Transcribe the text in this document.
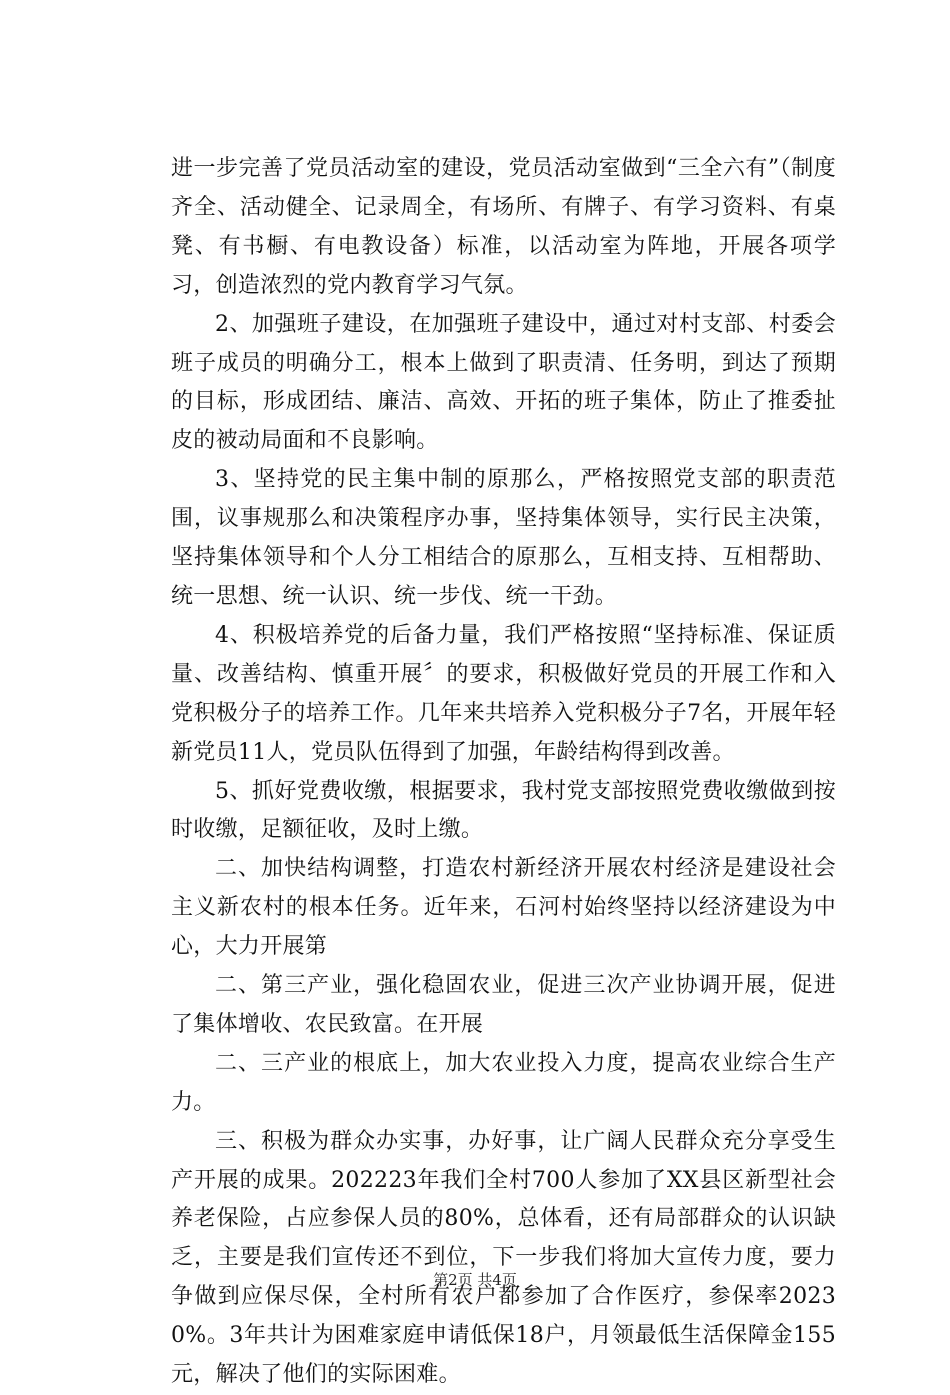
进一步完善了党员活动室的建设，党员活动室做到“三全六有”（制度齐全、活动健全、记录周全，有场所、有牌子、有学习资料、有桌凳、有书橱、有电教设备）标准，以活动室为阵地，开展各项学习，创造浓烈的党内教育学习气氛。

2、加强班子建设，在加强班子建设中，通过对村支部、村委会班子成员的明确分工，根本上做到了职责清、任务明，到达了预期的目标，形成团结、廉洁、高效、开拓的班子集体，防止了推委扯皮的被动局面和不良影响。

3、坚持党的民主集中制的原那么，严格按照党支部的职责范围，议事规那么和决策程序办事，坚持集体领导，实行民主决策，坚持集体领导和个人分工相结合的原那么，互相支持、互相帮助、统一思想、统一认识、统一步伐、统一干劲。

4、积极培养党的后备力量，我们严格按照“坚持标准、保证质量、改善结构、慎重开展〞的要求，积极做好党员的开展工作和入党积极分子的培养工作。几年来共培养入党积极分子7名，开展年轻新党员11人，党员队伍得到了加强，年龄结构得到改善。

5、抓好党费收缴，根据要求，我村党支部按照党费收缴做到按时收缴，足额征收，及时上缴。

二、加快结构调整，打造农村新经济开展农村经济是建设社会主义新农村的根本任务。近年来，石河村始终坚持以经济建设为中心，大力开展第

二、第三产业，强化稳固农业，促进三次产业协调开展，促进了集体增收、农民致富。在开展

二、三产业的根底上，加大农业投入力度，提高农业综合生产力。

三、积极为群众办实事，办好事，让广阔人民群众充分享受生产开展的成果。202223年我们全村700人参加了XX县区新型社会养老保险，占应参保人员的80%，总体看，还有局部群众的认识缺乏，主要是我们宣传还不到位，下一步我们将加大宣传力度，要力争做到应保尽保，全村所有农户都参加了合作医疗，参保率20230%。3年共计为困难家庭申请低保18户，月领最低生活保障金155元，解决了他们的实际困难。

第2页 共4页
